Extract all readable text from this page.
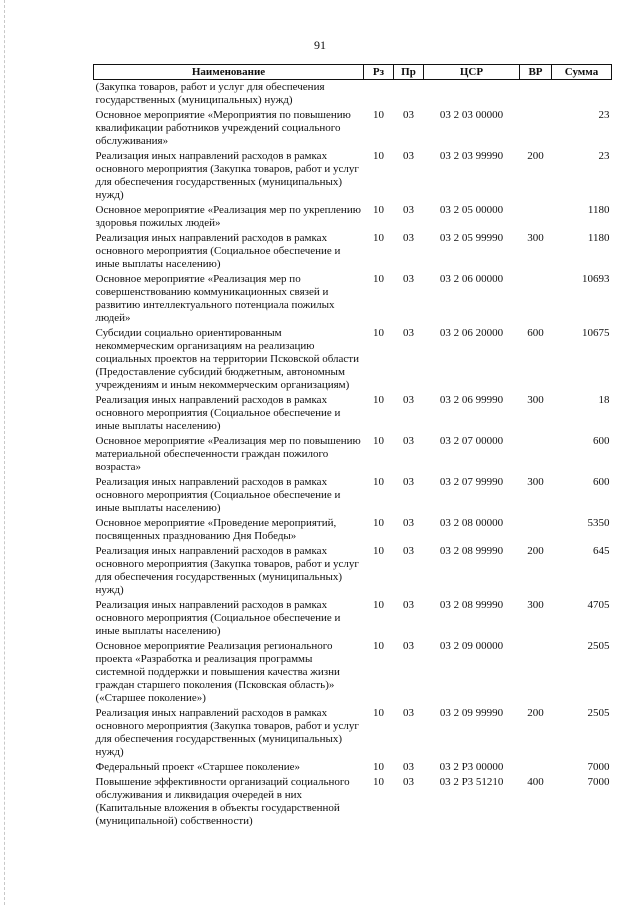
91
Наименование	Рз	Пр	ЦСР	ВР	Сумма
(Закупка товаров, работ и услуг для обеспечения государственных (муниципальных) нужд)					
Основное мероприятие «Мероприятия по повышению квалификации работников учреждений социального обслуживания»	10	03	03 2 03 00000		23
Реализация иных направлений расходов в рамках основного мероприятия (Закупка товаров, работ и услуг для обеспечения государственных (муниципальных) нужд)	10	03	03 2 03 99990	200	23
Основное мероприятие «Реализация мер по укреплению здоровья пожилых людей»	10	03	03 2 05 00000		1180
Реализация иных направлений расходов в рамках основного мероприятия (Социальное обеспечение и иные выплаты населению)	10	03	03 2 05 99990	300	1180
Основное мероприятие «Реализация мер по совершенствованию коммуникационных связей и развитию интеллектуального потенциала пожилых людей»	10	03	03 2 06 00000		10693
Субсидии социально ориентированным некоммерческим организациям на реализацию социальных проектов на территории Псковской области (Предоставление субсидий бюджетным, автономным учреждениям и иным некоммерческим организациям)	10	03	03 2 06 20000	600	10675
Реализация иных направлений расходов в рамках основного мероприятия (Социальное обеспечение и иные выплаты населению)	10	03	03 2 06 99990	300	18
Основное мероприятие «Реализация мер по повышению материальной обеспеченности граждан пожилого возраста»	10	03	03 2 07 00000		600
Реализация иных направлений расходов в рамках основного мероприятия (Социальное обеспечение и иные выплаты населению)	10	03	03 2 07 99990	300	600
Основное мероприятие «Проведение мероприятий, посвященных празднованию Дня Победы»	10	03	03 2 08 00000		5350
Реализация иных направлений расходов в рамках основного мероприятия (Закупка товаров, работ и услуг для обеспечения государственных (муниципальных) нужд)	10	03	03 2 08 99990	200	645
Реализация иных направлений расходов в рамках основного мероприятия (Социальное обеспечение и иные выплаты населению)	10	03	03 2 08 99990	300	4705
Основное мероприятие Реализация регионального проекта «Разработка и реализация программы системной поддержки и повышения качества жизни граждан старшего поколения (Псковская область)» («Старшее поколение»)	10	03	03 2 09 00000		2505
Реализация иных направлений расходов в рамках основного мероприятия (Закупка товаров, работ и услуг для обеспечения государственных (муниципальных) нужд)	10	03	03 2 09 99990	200	2505
Федеральный проект «Старшее поколение»	10	03	03 2 P3 00000		7000
Повышение эффективности организаций социального обслуживания и ликвидация очередей в них (Капитальные вложения в объекты государственной (муниципальной) собственности)	10	03	03 2 P3 51210	400	7000
